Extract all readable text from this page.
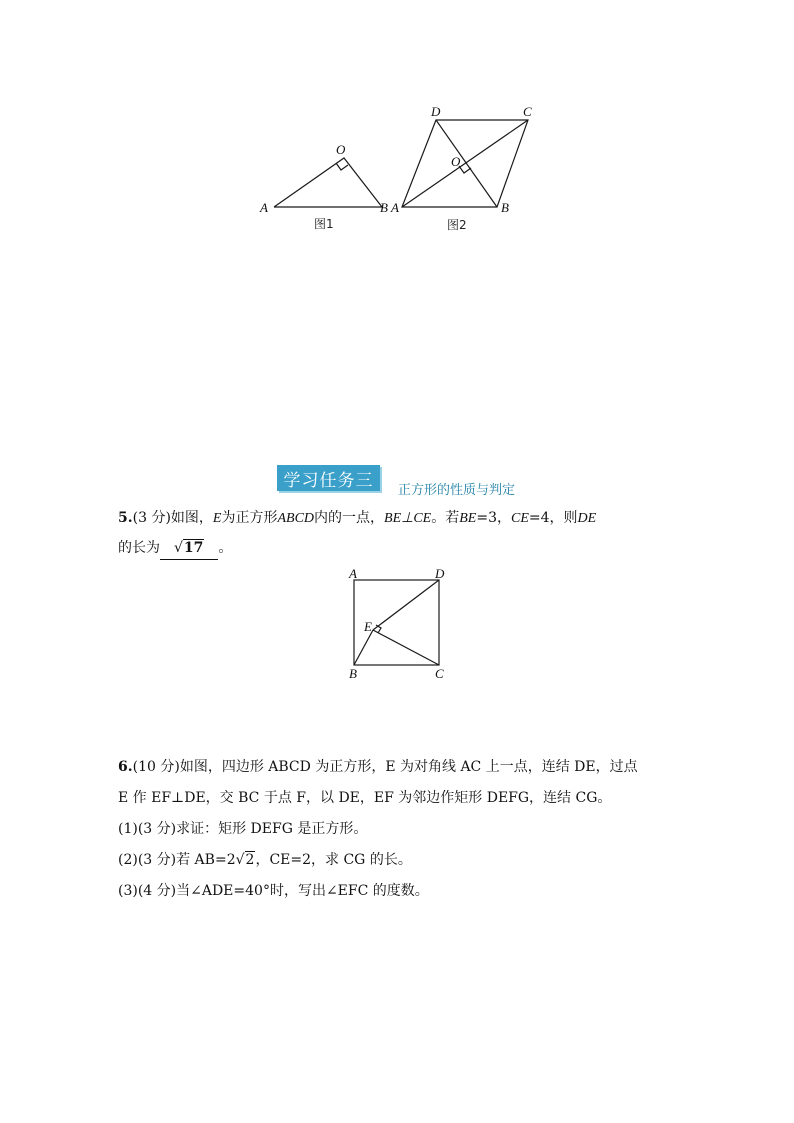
A
O
B
图1
D	C
O
A	B
图2
学习任务三	正方形的性质与判定
5.(3 分)如图，E为正方形ABCD内的一点，BE⊥CE。若BE=3，CE=4，则DE
的长为 √17 。
A	D
E
B	C
6.(10 分)如图，四边形 ABCD 为正方形，E 为对角线 AC 上一点，连结 DE，过点
E 作 EF⊥DE，交 BC 于点 F，以 DE，EF 为邻边作矩形 DEFG，连结 CG。
(1)(3 分)求证：矩形 DEFG 是正方形。
(2)(3 分)若 AB=2√2，CE=2，求 CG 的长。
(3)(4 分)当∠ADE=40°时，写出∠EFC 的度数。
